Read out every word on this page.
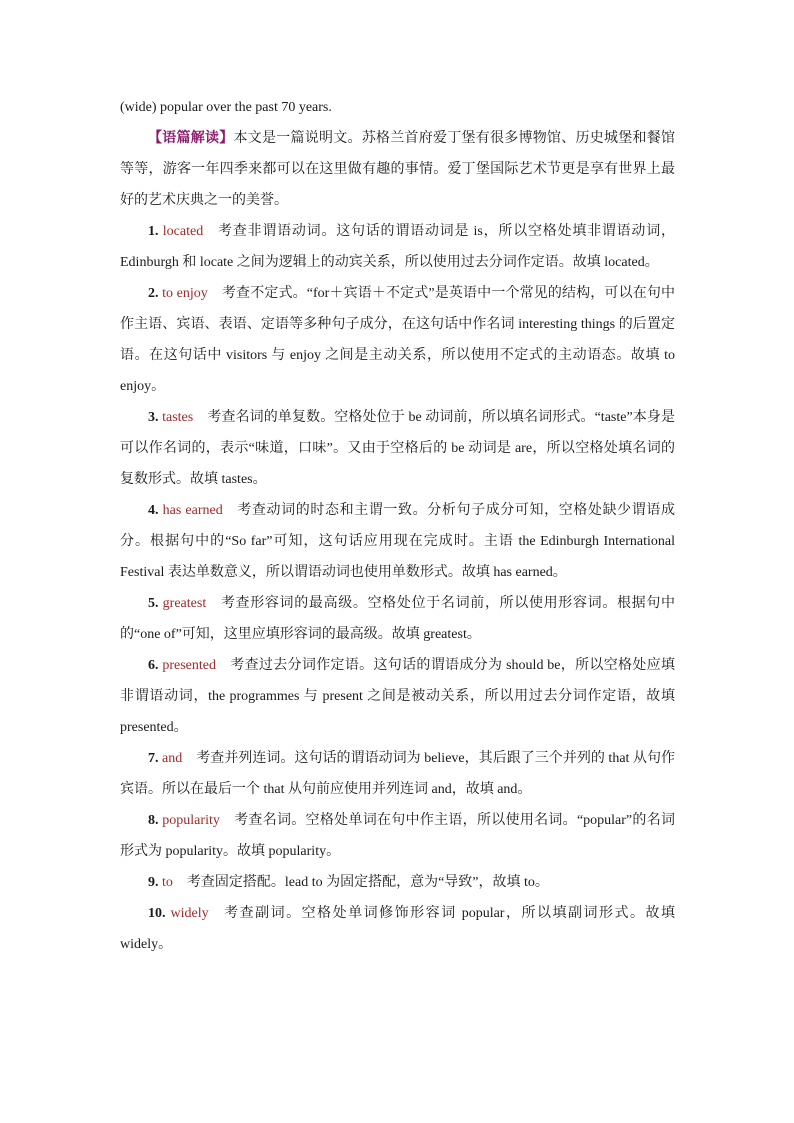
(wide) popular over the past 70 years.

【语篇解读】本文是一篇说明文。苏格兰首府爱丁堡有很多博物馆、历史城堡和餐馆等等，游客一年四季来都可以在这里做有趣的事情。爱丁堡国际艺术节更是享有世界上最好的艺术庆典之一的美誉。

1. located 考查非谓语动词。这句话的谓语动词是 is，所以空格处填非谓语动词，Edinburgh 和 locate 之间为逻辑上的动宾关系，所以使用过去分词作定语。故填 located。

2. to enjoy 考查不定式。“for＋宾语＋不定式”是英语中一个常见的结构，可以在句中作主语、宾语、表语、定语等多种句子成分，在这句话中作名词 interesting things 的后置定语。在这句话中 visitors 与 enjoy 之间是主动关系，所以使用不定式的主动语态。故填 to enjoy。

3. tastes 考查名词的单复数。空格处位于 be 动词前，所以填名词形式。“taste”本身是可以作名词的，表示“味道，口味”。又由于空格后的 be 动词是 are，所以空格处填名词的复数形式。故填 tastes。

4. has earned 考查动词的时态和主谓一致。分析句子成分可知，空格处缺少谓语成分。根据句中的“So far”可知，这句话应用现在完成时。主语 the Edinburgh International Festival 表达单数意义，所以谓语动词也使用单数形式。故填 has earned。

5. greatest 考查形容词的最高级。空格处位于名词前，所以使用形容词。根据句中的“one of”可知，这里应填形容词的最高级。故填 greatest。

6. presented 考查过去分词作定语。这句话的谓语成分为 should be，所以空格处应填非谓语动词，the programmes 与 present 之间是被动关系，所以用过去分词作定语，故填 presented。

7. and 考查并列连词。这句话的谓语动词为 believe，其后跟了三个并列的 that 从句作宾语。所以在最后一个 that 从句前应使用并列连词 and，故填 and。

8. popularity 考查名词。空格处单词在句中作主语，所以使用名词。“popular”的名词形式为 popularity。故填 popularity。

9. to 考查固定搭配。lead to 为固定搭配，意为“导致”，故填 to。

10. widely 考查副词。空格处单词修饰形容词 popular，所以填副词形式。故填 widely。
